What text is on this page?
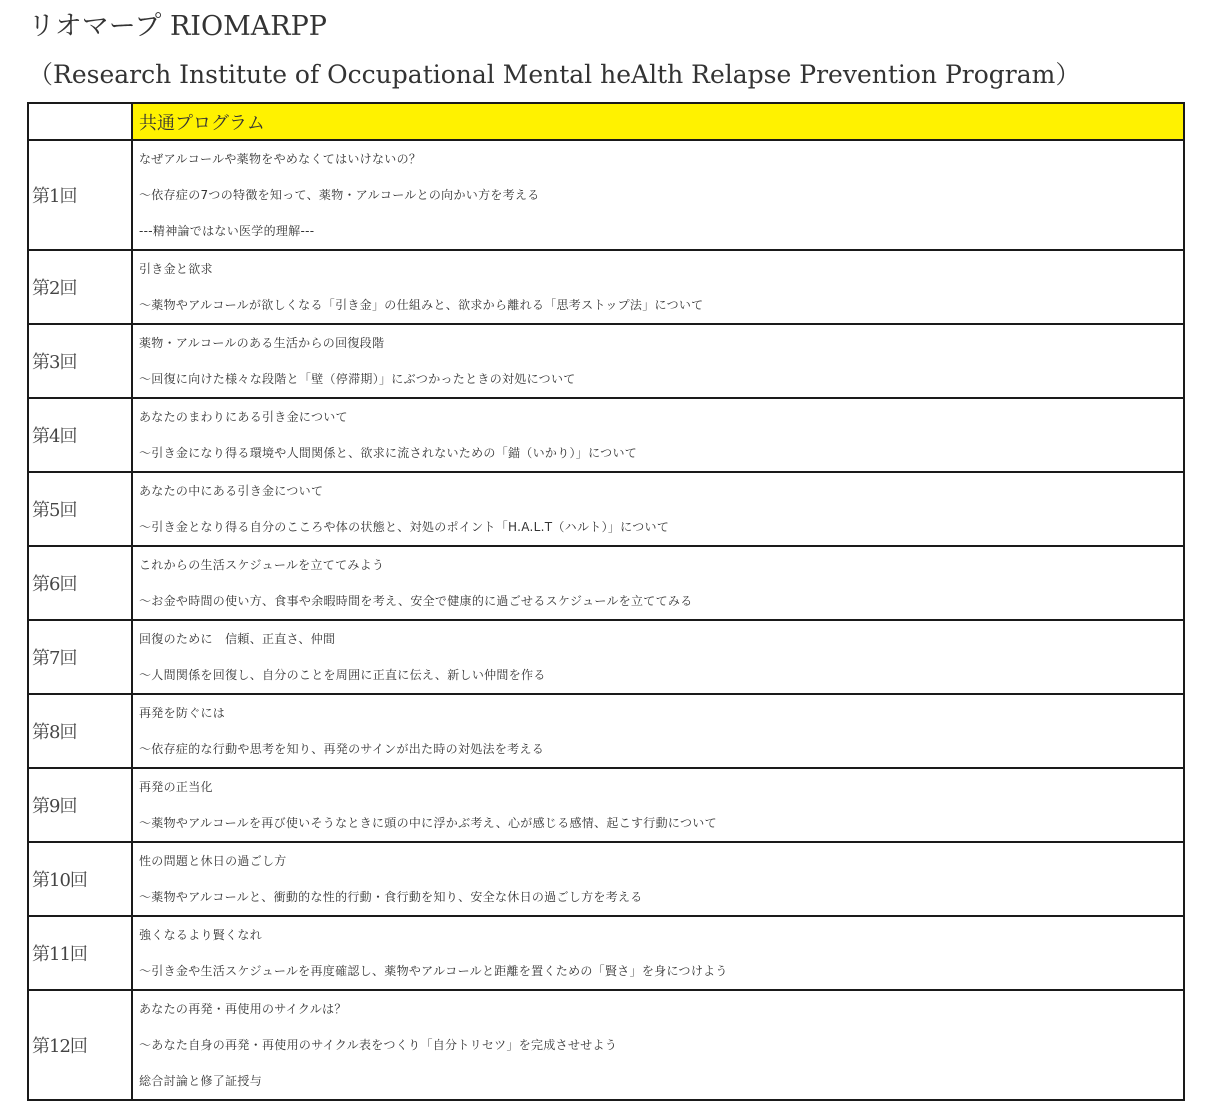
リオマープ RIOMARPP
（Research Institute of Occupational Mental heAlth Relapse Prevention Program）
	共通プログラム
第1回	なぜアルコールや薬物をやめなくてはいけないの？
～依存症の7つの特徴を知って、薬物・アルコールとの向かい方を考える
---精神論ではない医学的理解---

第2回	引き金と欲求
～薬物やアルコールが欲しくなる「引き金」の仕組みと、欲求から離れる「思考ストップ法」について

第3回	薬物・アルコールのある生活からの回復段階
～回復に向けた様々な段階と「壁（停滞期）」にぶつかったときの対処について

第4回	あなたのまわりにある引き金について
～引き金になり得る環境や人間関係と、欲求に流されないための「錨（いかり）」について

第5回	あなたの中にある引き金について
～引き金となり得る自分のこころや体の状態と、対処のポイント「H.A.L.T（ハルト）」について

第6回	これからの生活スケジュールを立ててみよう
～お金や時間の使い方、食事や余暇時間を考え、安全で健康的に過ごせるスケジュールを立ててみる

第7回	回復のために　信頼、正直さ、仲間
～人間関係を回復し、自分のことを周囲に正直に伝え、新しい仲間を作る

第8回	再発を防ぐには
～依存症的な行動や思考を知り、再発のサインが出た時の対処法を考える

第9回	再発の正当化
～薬物やアルコールを再び使いそうなときに頭の中に浮かぶ考え、心が感じる感情、起こす行動について

第10回	性の問題と休日の過ごし方
～薬物やアルコールと、衝動的な性的行動・食行動を知り、安全な休日の過ごし方を考える

第11回	強くなるより賢くなれ
～引き金や生活スケジュールを再度確認し、薬物やアルコールと距離を置くための「賢さ」を身につけよう

第12回	あなたの再発・再使用のサイクルは？
～あなた自身の再発・再使用のサイクル表をつくり「自分トリセツ」を完成させせよう
総合討論と修了証授与
